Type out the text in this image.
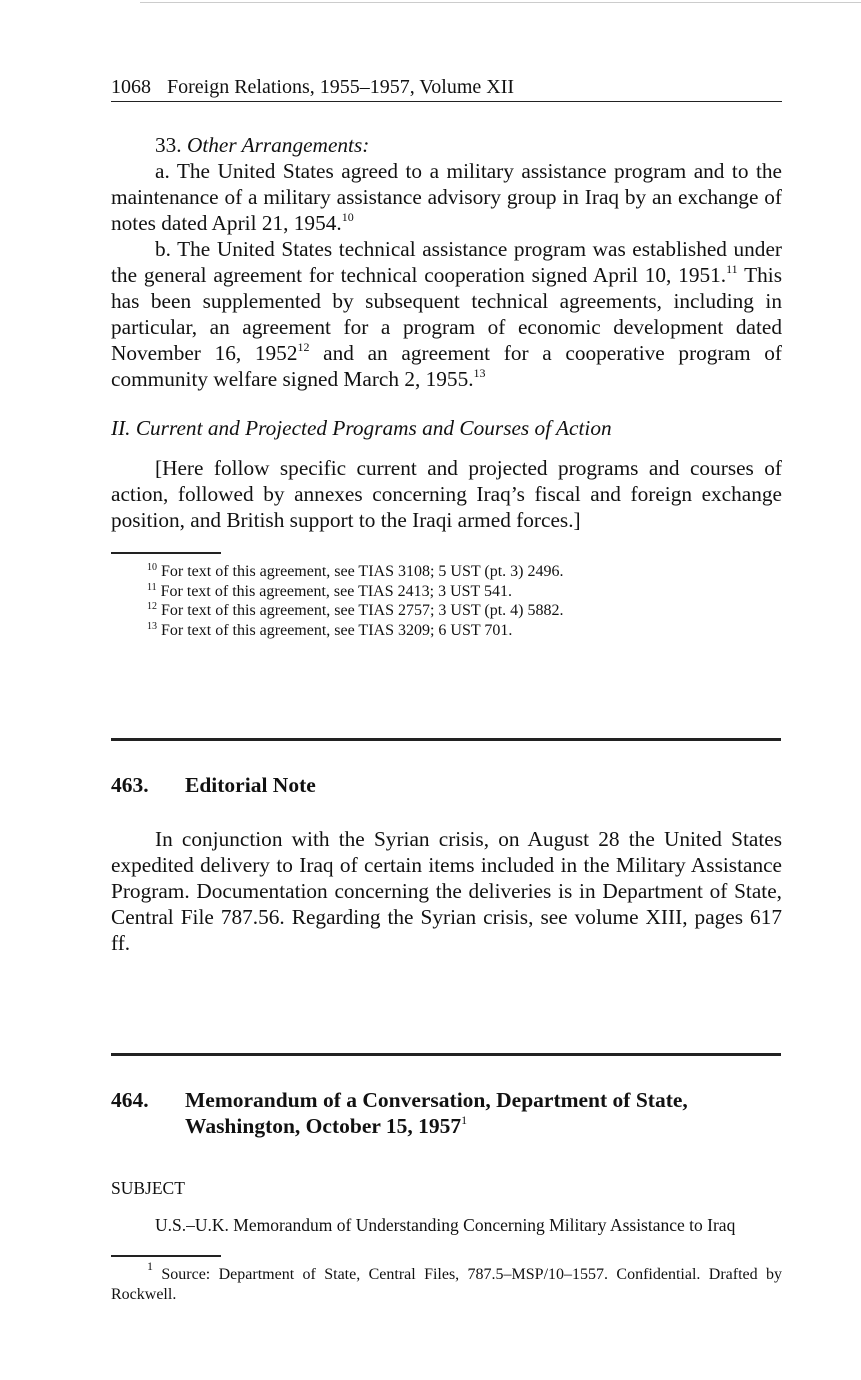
1068 Foreign Relations, 1955–1957, Volume XII

33. Other Arrangements:

a. The United States agreed to a military assistance program and to the maintenance of a military assistance advisory group in Iraq by an exchange of notes dated April 21, 1954.10

b. The United States technical assistance program was established under the general agreement for technical cooperation signed April 10, 1951.11 This has been supplemented by subsequent technical agreements, including in particular, an agreement for a program of economic development dated November 16, 1952$^{12}$ and an agreement for a cooperative program of community welfare signed March 2, 1955.13

II. Current and Projected Programs and Courses of Action

[Here follow specific current and projected programs and courses of action, followed by annexes concerning Iraq’s fiscal and foreign exchange position, and British support to the Iraqi armed forces.]

$^{10}$ For text of this agreement, see TIAS 3108; 5 UST (pt. 3) 2496.
$^{11}$ For text of this agreement, see TIAS 2413; 3 UST 541.
$^{12}$ For text of this agreement, see TIAS 2757; 3 UST (pt. 4) 5882.
$^{13}$ For text of this agreement, see TIAS 3209; 6 UST 701.
463.	Editorial Note

In conjunction with the Syrian crisis, on August 28 the United States expedited delivery to Iraq of certain items included in the Military Assistance Program. Documentation concerning the deliveries is in Department of State, Central File 787.56. Regarding the Syrian crisis, see volume XIII, pages 617 ff.

464.	Memorandum of a Conversation, Department of State,
Washington, October 15, 1957$^1$
SUBJECT
U.S.–U.K. Memorandum of Understanding Concerning Military Assistance to Iraq
$^1$ Source: Department of State, Central Files, 787.5–MSP/10–1557. Confidential. Drafted by Rockwell.
